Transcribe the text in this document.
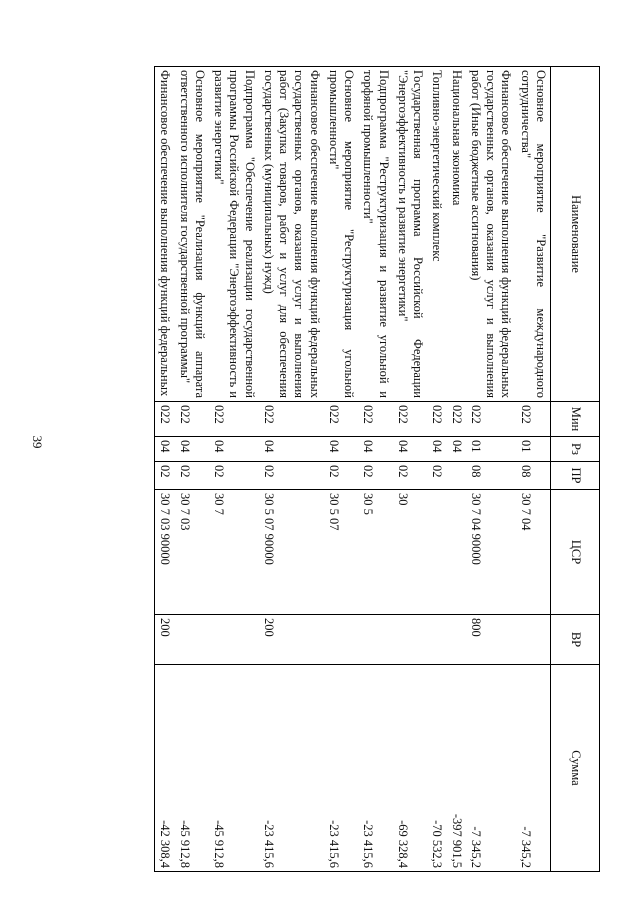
39
Наименование	Мин	Рз	ПР	ЦСР	ВР	Сумма
Основное мероприятие "Развитие международного сотрудничества"	022	01	08	30 7 04		-7 345,2
Финансовое обеспечение выполнения функций федеральных государственных органов, оказания услуг и выполнения работ (Иные бюджетные ассигнования)	022	01	08	30 7 04 90000	800	-7 345,2
Национальная экономика	022	04				-397 901,5
Топливно-энергетический комплекс	022	04	02			-70 532,3
Государственная программа Российской Федерации "Энергоэффективность и развитие энергетики"	022	04	02	30		-69 328,4
Подпрограмма "Реструктуризация и развитие угольной и торфяной промышленности"	022	04	02	30 5		-23 415,6
Основное мероприятие "Реструктуризация угольной промышленности"	022	04	02	30 5 07		-23 415,6
Финансовое обеспечение выполнения функций федеральных государственных органов, оказания услуг и выполнения работ (Закупка товаров, работ и услуг для обеспечения государственных (муниципальных) нужд)	022	04	02	30 5 07 90000	200	-23 415,6
Подпрограмма "Обеспечение реализации государственной программы Российской Федерации "Энергоэффективность и развитие энергетики"	022	04	02	30 7		-45 912,8
Основное мероприятие "Реализация функций аппарата ответственного исполнителя государственной программы"	022	04	02	30 7 03		-45 912,8
Финансовое обеспечение выполнения функций федеральных	022	04	02	30 7 03 90000	200	-42 308,4
